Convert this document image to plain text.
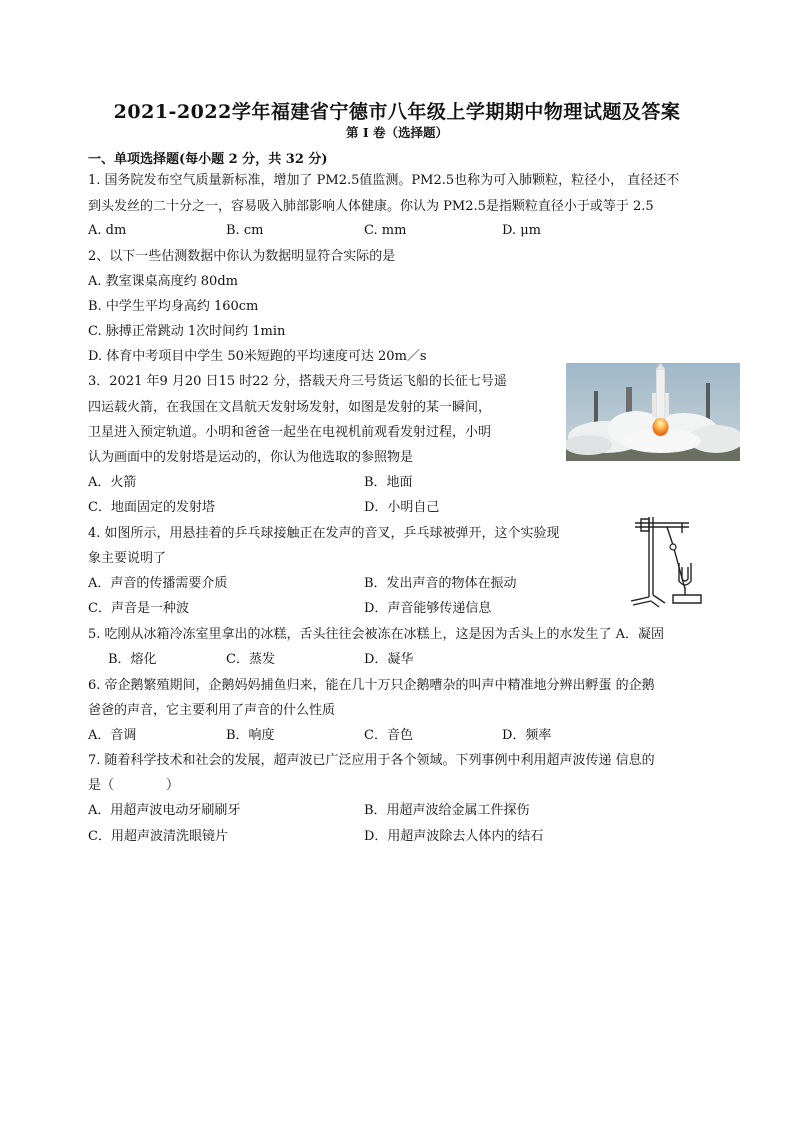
2021-2022学年福建省宁德市八年级上学期期中物理试题及答案
第 I 卷（选择题）
一、单项选择题(每小题 2 分，共 32 分)
1. 国务院发布空气质量新标准，增加了 PM2.5值监测。PM2.5也称为可入肺颗粒，粒径小， 直径还不
到头发丝的二十分之一，容易吸入肺部影响人体健康。你认为 PM2.5是指颗粒直径小于或等于 2.5
A. dm	B. cm	C. mm	D. μm
2、以下一些估测数据中你认为数据明显符合实际的是
A. 教室课桌高度约 80dm
B. 中学生平均身高约 160cm
C. 脉搏正常跳动 1次时间约 1min
D. 体育中考项目中学生 50米短跑的平均速度可达 20m／s
3．2021 年9 月20 日15 时22 分，搭载天舟三号货运飞船的长征七号遥
四运载火箭，在我国在文昌航天发射场发射，如图是发射的某一瞬间，
卫星进入预定轨道。小明和爸爸一起坐在电视机前观看发射过程，小明
认为画面中的发射塔是运动的，你认为他选取的参照物是
A．火箭	B．地面
C．地面固定的发射塔	D．小明自己
4. 如图所示，用悬挂着的乒乓球接触正在发声的音叉，乒乓球被弹开，这个实验现
象主要说明了
A．声音的传播需要介质	B．发出声音的物体在振动
C．声音是一种波	D．声音能够传递信息
5. 吃刚从冰箱冷冻室里拿出的冰糕，舌头往往会被冻在冰糕上，这是因为舌头上的水发生了 A．凝固
B．熔化	C．蒸发	D．凝华
6. 帝企鹅繁殖期间，企鹅妈妈捕鱼归来，能在几十万只企鹅嘈杂的叫声中精准地分辨出孵蛋 的企鹅
爸爸的声音，它主要利用了声音的什么性质
A．音调	B．响度	C．音色	D．频率
7. 随着科学技术和社会的发展，超声波已广泛应用于各个领域。下列事例中利用超声波传递 信息的
是（　　　　）
A．用超声波电动牙刷刷牙	B．用超声波给金属工件探伤
C．用超声波清洗眼镜片	D．用超声波除去人体内的结石
